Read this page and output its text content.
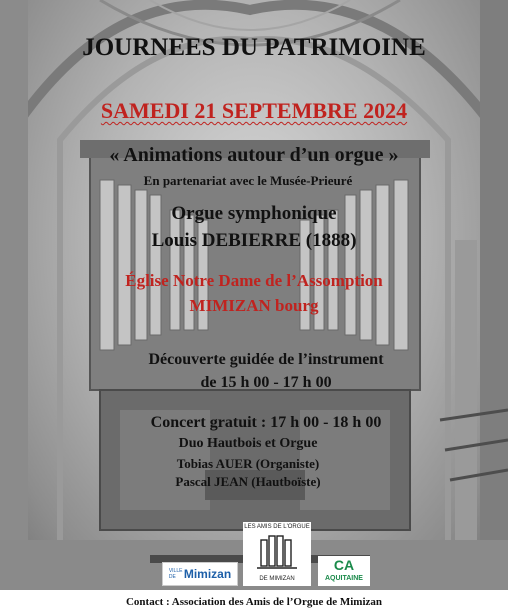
JOURNEES DU PATRIMOINE
SAMEDI 21 SEPTEMBRE 2024
« Animations autour d’un orgue »
En partenariat avec le Musée-Prieuré
Orgue symphonique
Louis DEBIERRE (1888)
Église Notre Dame de l’Assomption
MIMIZAN bourg
Découverte guidée de l’instrument
de 15 h 00 - 17 h 00
Concert gratuit : 17 h 00 - 18 h 00
Duo Hautbois et Orgue
Tobias AUER (Organiste)
Pascal JEAN (Hautboïste)
VILLE DE Mimizan
LES AMIS DE L'ORGUE
DE MIMIZAN
CA
AQUITAINE
Contact : Association des Amis de l’Orgue de Mimizan
